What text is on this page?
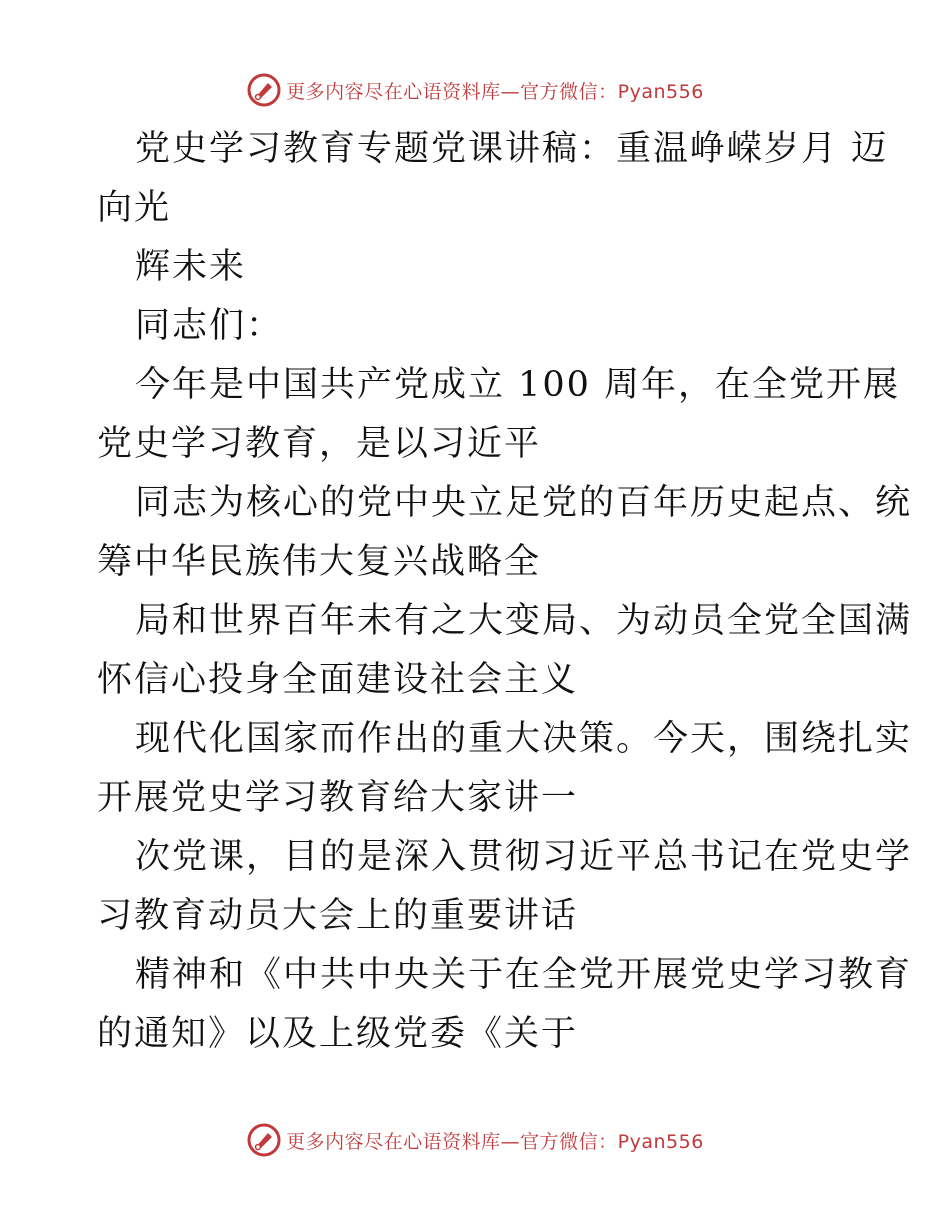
更多内容尽在心语资料库—官方微信：Pyan556
党史学习教育专题党课讲稿：重温峥嵘岁月 迈
向光
辉未来
同志们：
今年是中国共产党成立 100 周年，在全党开展
党史学习教育，是以习近平
同志为核心的党中央立足党的百年历史起点、统
筹中华民族伟大复兴战略全
局和世界百年未有之大变局、为动员全党全国满
怀信心投身全面建设社会主义
现代化国家而作出的重大决策。今天，围绕扎实
开展党史学习教育给大家讲一
次党课，目的是深入贯彻习近平总书记在党史学
习教育动员大会上的重要讲话
精神和《中共中央关于在全党开展党史学习教育
的通知》以及上级党委《关于
更多内容尽在心语资料库—官方微信：Pyan556
